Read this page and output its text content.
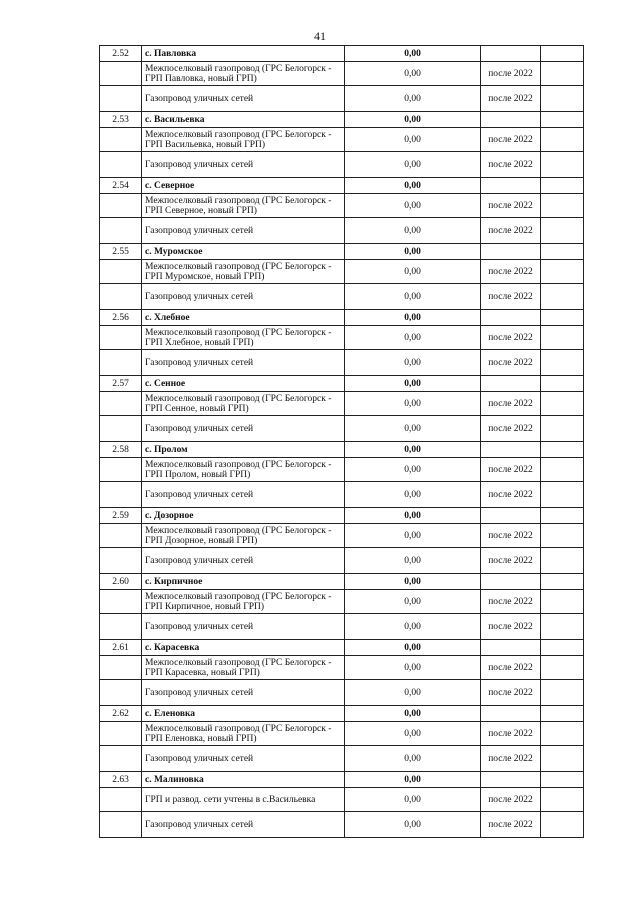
41
2.52	с. Павловка	0,00		
	Межпоселковый газопровод (ГРС Белогорск - ГРП Павловка, новый ГРП)	0,00	после 2022	
	Газопровод уличных сетей	0,00	после 2022	
2.53	с. Васильевка	0,00		
	Межпоселковый газопровод (ГРС Белогорск - ГРП Васильевка, новый ГРП)	0,00	после 2022	
	Газопровод уличных сетей	0,00	после 2022	
2.54	с. Северное	0,00		
	Межпоселковый газопровод (ГРС Белогорск - ГРП Северное, новый ГРП)	0,00	после 2022	
	Газопровод уличных сетей	0,00	после 2022	
2.55	с. Муромское	0,00		
	Межпоселковый газопровод (ГРС Белогорск - ГРП Муромское, новый ГРП)	0,00	после 2022	
	Газопровод уличных сетей	0,00	после 2022	
2.56	с. Хлебное	0,00		
	Межпоселковый газопровод (ГРС Белогорск - ГРП Хлебное, новый ГРП)	0,00	после 2022	
	Газопровод уличных сетей	0,00	после 2022	
2.57	с. Сенное	0,00		
	Межпоселковый газопровод (ГРС Белогорск - ГРП Сенное, новый ГРП)	0,00	после 2022	
	Газопровод уличных сетей	0,00	после 2022	
2.58	с. Пролом	0,00		
	Межпоселковый газопровод (ГРС Белогорск - ГРП Пролом, новый ГРП)	0,00	после 2022	
	Газопровод уличных сетей	0,00	после 2022	
2.59	с. Дозорное	0,00		
	Межпоселковый газопровод (ГРС Белогорск - ГРП Дозорное, новый ГРП)	0,00	после 2022	
	Газопровод уличных сетей	0,00	после 2022	
2.60	с. Кирпичное	0,00		
	Межпоселковый газопровод (ГРС Белогорск - ГРП Кирпичное, новый ГРП)	0,00	после 2022	
	Газопровод уличных сетей	0,00	после 2022	
2.61	с. Карасевка	0,00		
	Межпоселковый газопровод (ГРС Белогорск - ГРП Карасевка, новый ГРП)	0,00	после 2022	
	Газопровод уличных сетей	0,00	после 2022	
2.62	с. Еленовка	0,00		
	Межпоселковый газопровод (ГРС Белогорск - ГРП Еленовка, новый ГРП)	0,00	после 2022	
	Газопровод уличных сетей	0,00	после 2022	
2.63	с. Малиновка	0,00		
	ГРП и развод. сети учтены в с.Васильевка	0,00	после 2022	
	Газопровод уличных сетей	0,00	после 2022	
